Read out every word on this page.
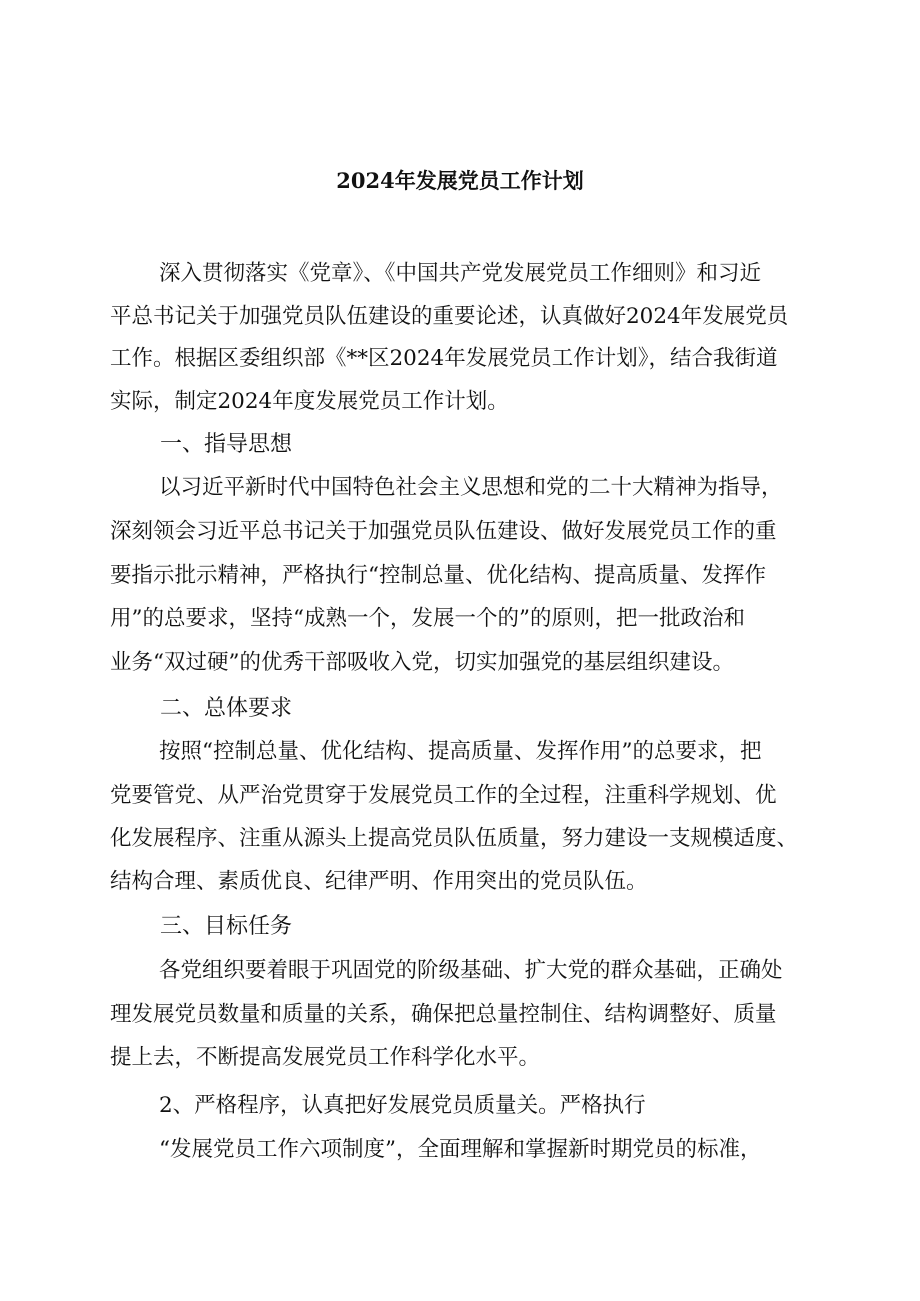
2024年发展党员工作计划
深入贯彻落实《党章》、《中国共产党发展党员工作细则》和习近
平总书记关于加强党员队伍建设的重要论述，认真做好2024年发展党员
工作。根据区委组织部《**区2024年发展党员工作计划》，结合我街道
实际，制定2024年度发展党员工作计划。
一、指导思想
以习近平新时代中国特色社会主义思想和党的二十大精神为指导，
深刻领会习近平总书记关于加强党员队伍建设、做好发展党员工作的重
要指示批示精神，严格执行“控制总量、优化结构、提高质量、发挥作
用”的总要求，坚持“成熟一个，发展一个的”的原则，把一批政治和
业务“双过硬”的优秀干部吸收入党，切实加强党的基层组织建设。
二、总体要求
按照“控制总量、优化结构、提高质量、发挥作用”的总要求，把
党要管党、从严治党贯穿于发展党员工作的全过程，注重科学规划、优
化发展程序、注重从源头上提高党员队伍质量，努力建设一支规模适度、
结构合理、素质优良、纪律严明、作用突出的党员队伍。
三、目标任务
各党组织要着眼于巩固党的阶级基础、扩大党的群众基础，正确处
理发展党员数量和质量的关系，确保把总量控制住、结构调整好、质量
提上去，不断提高发展党员工作科学化水平。
2、严格程序，认真把好发展党员质量关。严格执行
“发展党员工作六项制度”，全面理解和掌握新时期党员的标准，
